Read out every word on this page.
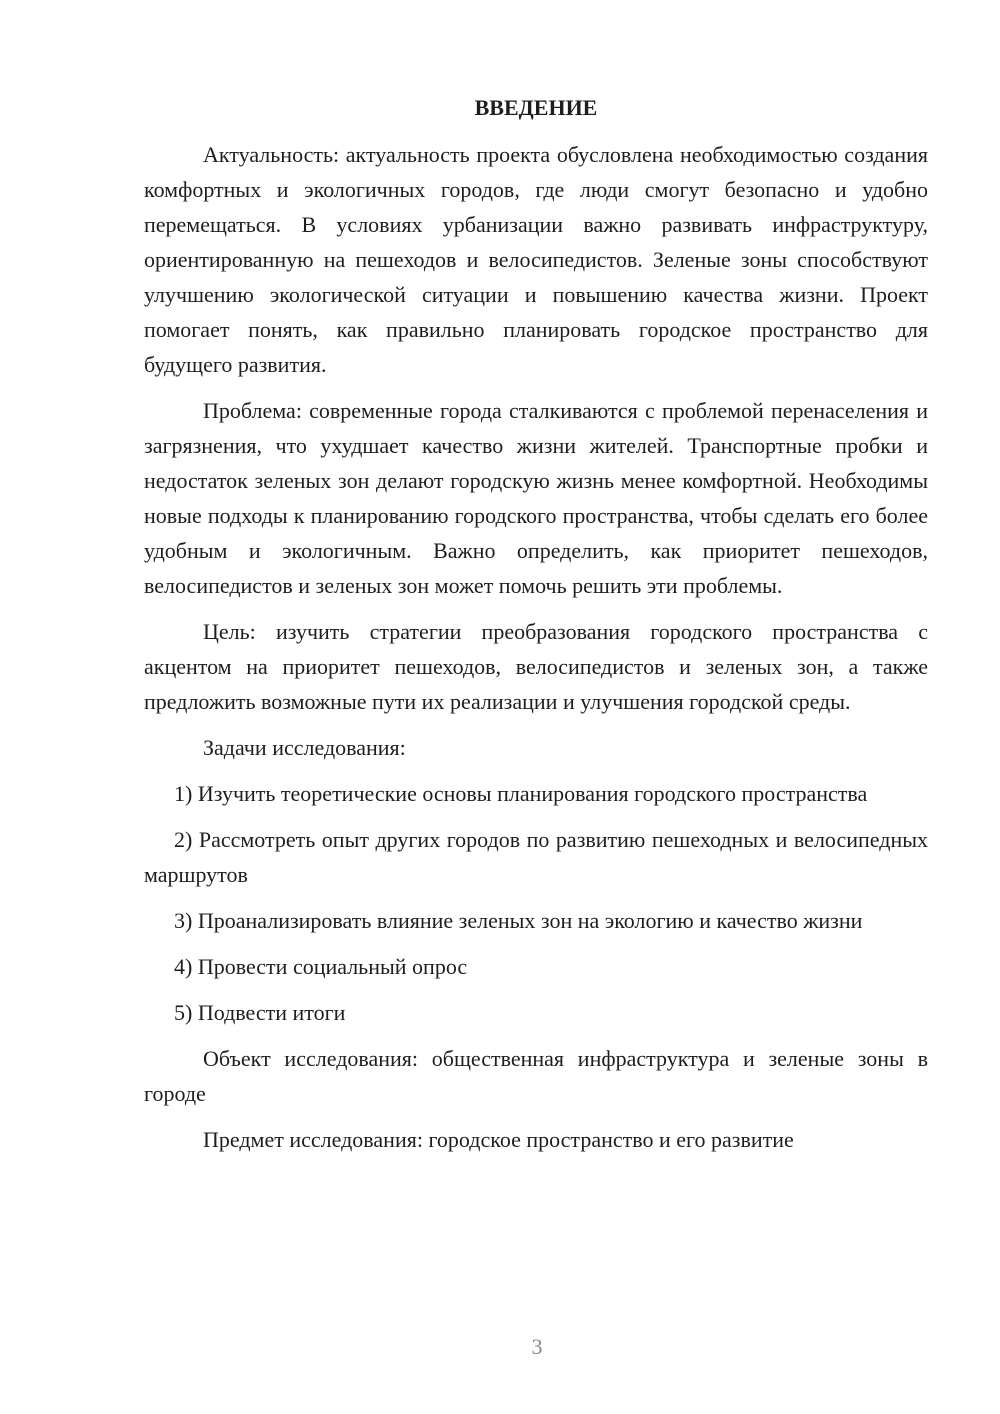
ВВЕДЕНИЕ

Актуальность: актуальность проекта обусловлена необходимостью создания комфортных и экологичных городов, где люди смогут безопасно и удобно перемещаться. В условиях урбанизации важно развивать инфраструктуру, ориентированную на пешеходов и велосипедистов. Зеленые зоны способствуют улучшению экологической ситуации и повышению качества жизни. Проект помогает понять, как правильно планировать городское пространство для будущего развития.

Проблема: современные города сталкиваются с проблемой перенаселения и загрязнения, что ухудшает качество жизни жителей. Транспортные пробки и недостаток зеленых зон делают городскую жизнь менее комфортной. Необходимы новые подходы к планированию городского пространства, чтобы сделать его более удобным и экологичным. Важно определить, как приоритет пешеходов, велосипедистов и зеленых зон может помочь решить эти проблемы.

Цель: изучить стратегии преобразования городского пространства с акцентом на приоритет пешеходов, велосипедистов и зеленых зон, а также предложить возможные пути их реализации и улучшения городской среды.

Задачи исследования:

1) Изучить теоретические основы планирования городского пространства

2) Рассмотреть опыт других городов по развитию пешеходных и велосипедных маршрутов

3) Проанализировать влияние зеленых зон на экологию и качество жизни

4) Провести социальный опрос

5) Подвести итоги

Объект исследования: общественная инфраструктура и зеленые зоны в городе

Предмет исследования: городское пространство и его развитие

3
